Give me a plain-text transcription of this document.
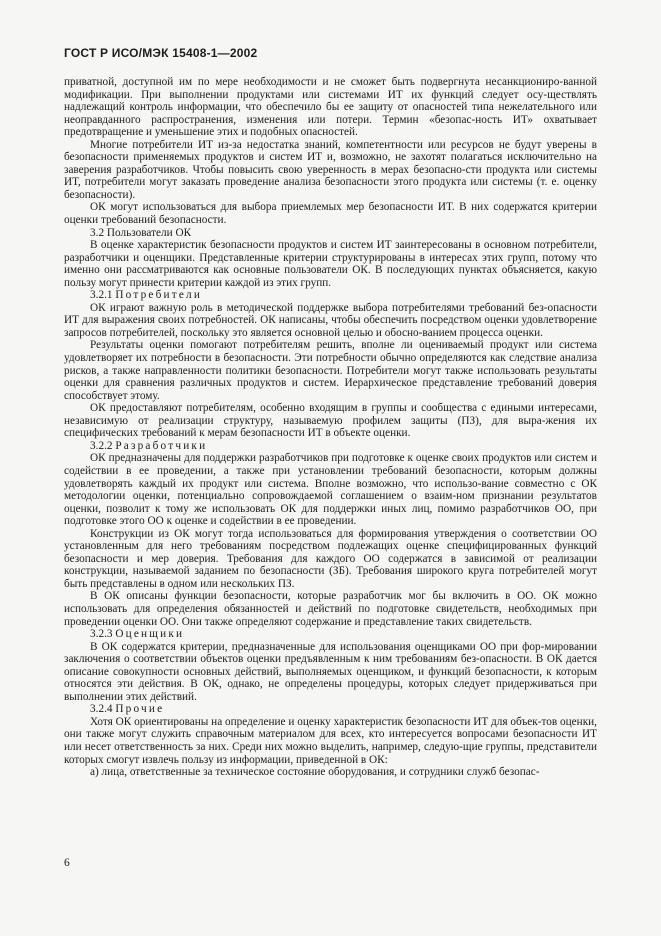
ГОСТ Р ИСО/МЭК 15408-1—2002

приватной, доступной им по мере необходимости и не сможет быть подвергнута несанкциониро-ванной модификации. При выполнении продуктами или системами ИТ их функций следует осу-ществлять надлежащий контроль информации, что обеспечило бы ее защиту от опасностей типа нежелательного или неоправданного распространения, изменения или потери. Термин «безопас-ность ИТ» охватывает предотвращение и уменьшение этих и подобных опасностей.

Многие потребители ИТ из-за недостатка знаний, компетентности или ресурсов не будут уверены в безопасности применяемых продуктов и систем ИТ и, возможно, не захотят полагаться исключительно на заверения разработчиков. Чтобы повысить свою уверенность в мерах безопасно-сти продукта или системы ИТ, потребители могут заказать проведение анализа безопасности этого продукта или системы (т. е. оценку безопасности).

ОК могут использоваться для выбора приемлемых мер безопасности ИТ. В них содержатся критерии оценки требований безопасности.

3.2 Пользователи ОК

В оценке характеристик безопасности продуктов и систем ИТ заинтересованы в основном потребители, разработчики и оценщики. Представленные критерии структурированы в интересах этих групп, потому что именно они рассматриваются как основные пользователи ОК. В последующих пунктах объясняется, какую пользу могут принести критерии каждой из этих групп.

3.2.1 Потребители

ОК играют важную роль в методической поддержке выбора потребителями требований без-опасности ИТ для выражения своих потребностей. ОК написаны, чтобы обеспечить посредством оценки удовлетворение запросов потребителей, поскольку это является основной целью и обосно-ванием процесса оценки.

Результаты оценки помогают потребителям решить, вполне ли оцениваемый продукт или система удовлетворяет их потребности в безопасности. Эти потребности обычно определяются как следствие анализа рисков, а также направленности политики безопасности. Потребители могут также использовать результаты оценки для сравнения различных продуктов и систем. Иерархическое представление требований доверия способствует этому.

ОК предоставляют потребителям, особенно входящим в группы и сообщества с едиными интересами, независимую от реализации структуру, называемую профилем защиты (ПЗ), для выра-жения их специфических требований к мерам безопасности ИТ в объекте оценки.

3.2.2 Разработчики

ОК предназначены для поддержки разработчиков при подготовке к оценке своих продуктов или систем и содействии в ее проведении, а также при установлении требований безопасности, которым должны удовлетворять каждый их продукт или система. Вполне возможно, что использо-вание совместно с ОК методологии оценки, потенциально сопровождаемой соглашением о взаим-ном признании результатов оценки, позволит к тому же использовать ОК для поддержки иных лиц, помимо разработчиков ОО, при подготовке этого ОО к оценке и содействии в ее проведении.

Конструкции из ОК могут тогда использоваться для формирования утверждения о соответствии ОО установленным для него требованиям посредством подлежащих оценке специфицированных функций безопасности и мер доверия. Требования для каждого ОО содержатся в зависимой от реализации конструкции, называемой заданием по безопасности (ЗБ). Требования широкого круга потребителей могут быть представлены в одном или нескольких ПЗ.

В ОК описаны функции безопасности, которые разработчик мог бы включить в ОО. ОК можно использовать для определения обязанностей и действий по подготовке свидетельств, необходимых при проведении оценки ОО. Они также определяют содержание и представление таких свидетельств.

3.2.3 Оценщики

В ОК содержатся критерии, предназначенные для использования оценщиками ОО при фор-мировании заключения о соответствии объектов оценки предъявленным к ним требованиям без-опасности. В ОК дается описание совокупности основных действий, выполняемых оценщиком, и функций безопасности, к которым относятся эти действия. В ОК, однако, не определены процедуры, которых следует придерживаться при выполнении этих действий.

3.2.4 Прочие

Хотя ОК ориентированы на определение и оценку характеристик безопасности ИТ для объек-тов оценки, они также могут служить справочным материалом для всех, кто интересуется вопросами безопасности ИТ или несет ответственность за них. Среди них можно выделить, например, следую-щие группы, представители которых смогут извлечь пользу из информации, приведенной в ОК:

а) лица, ответственные за техническое состояние оборудования, и сотрудники служб безопас-

6
